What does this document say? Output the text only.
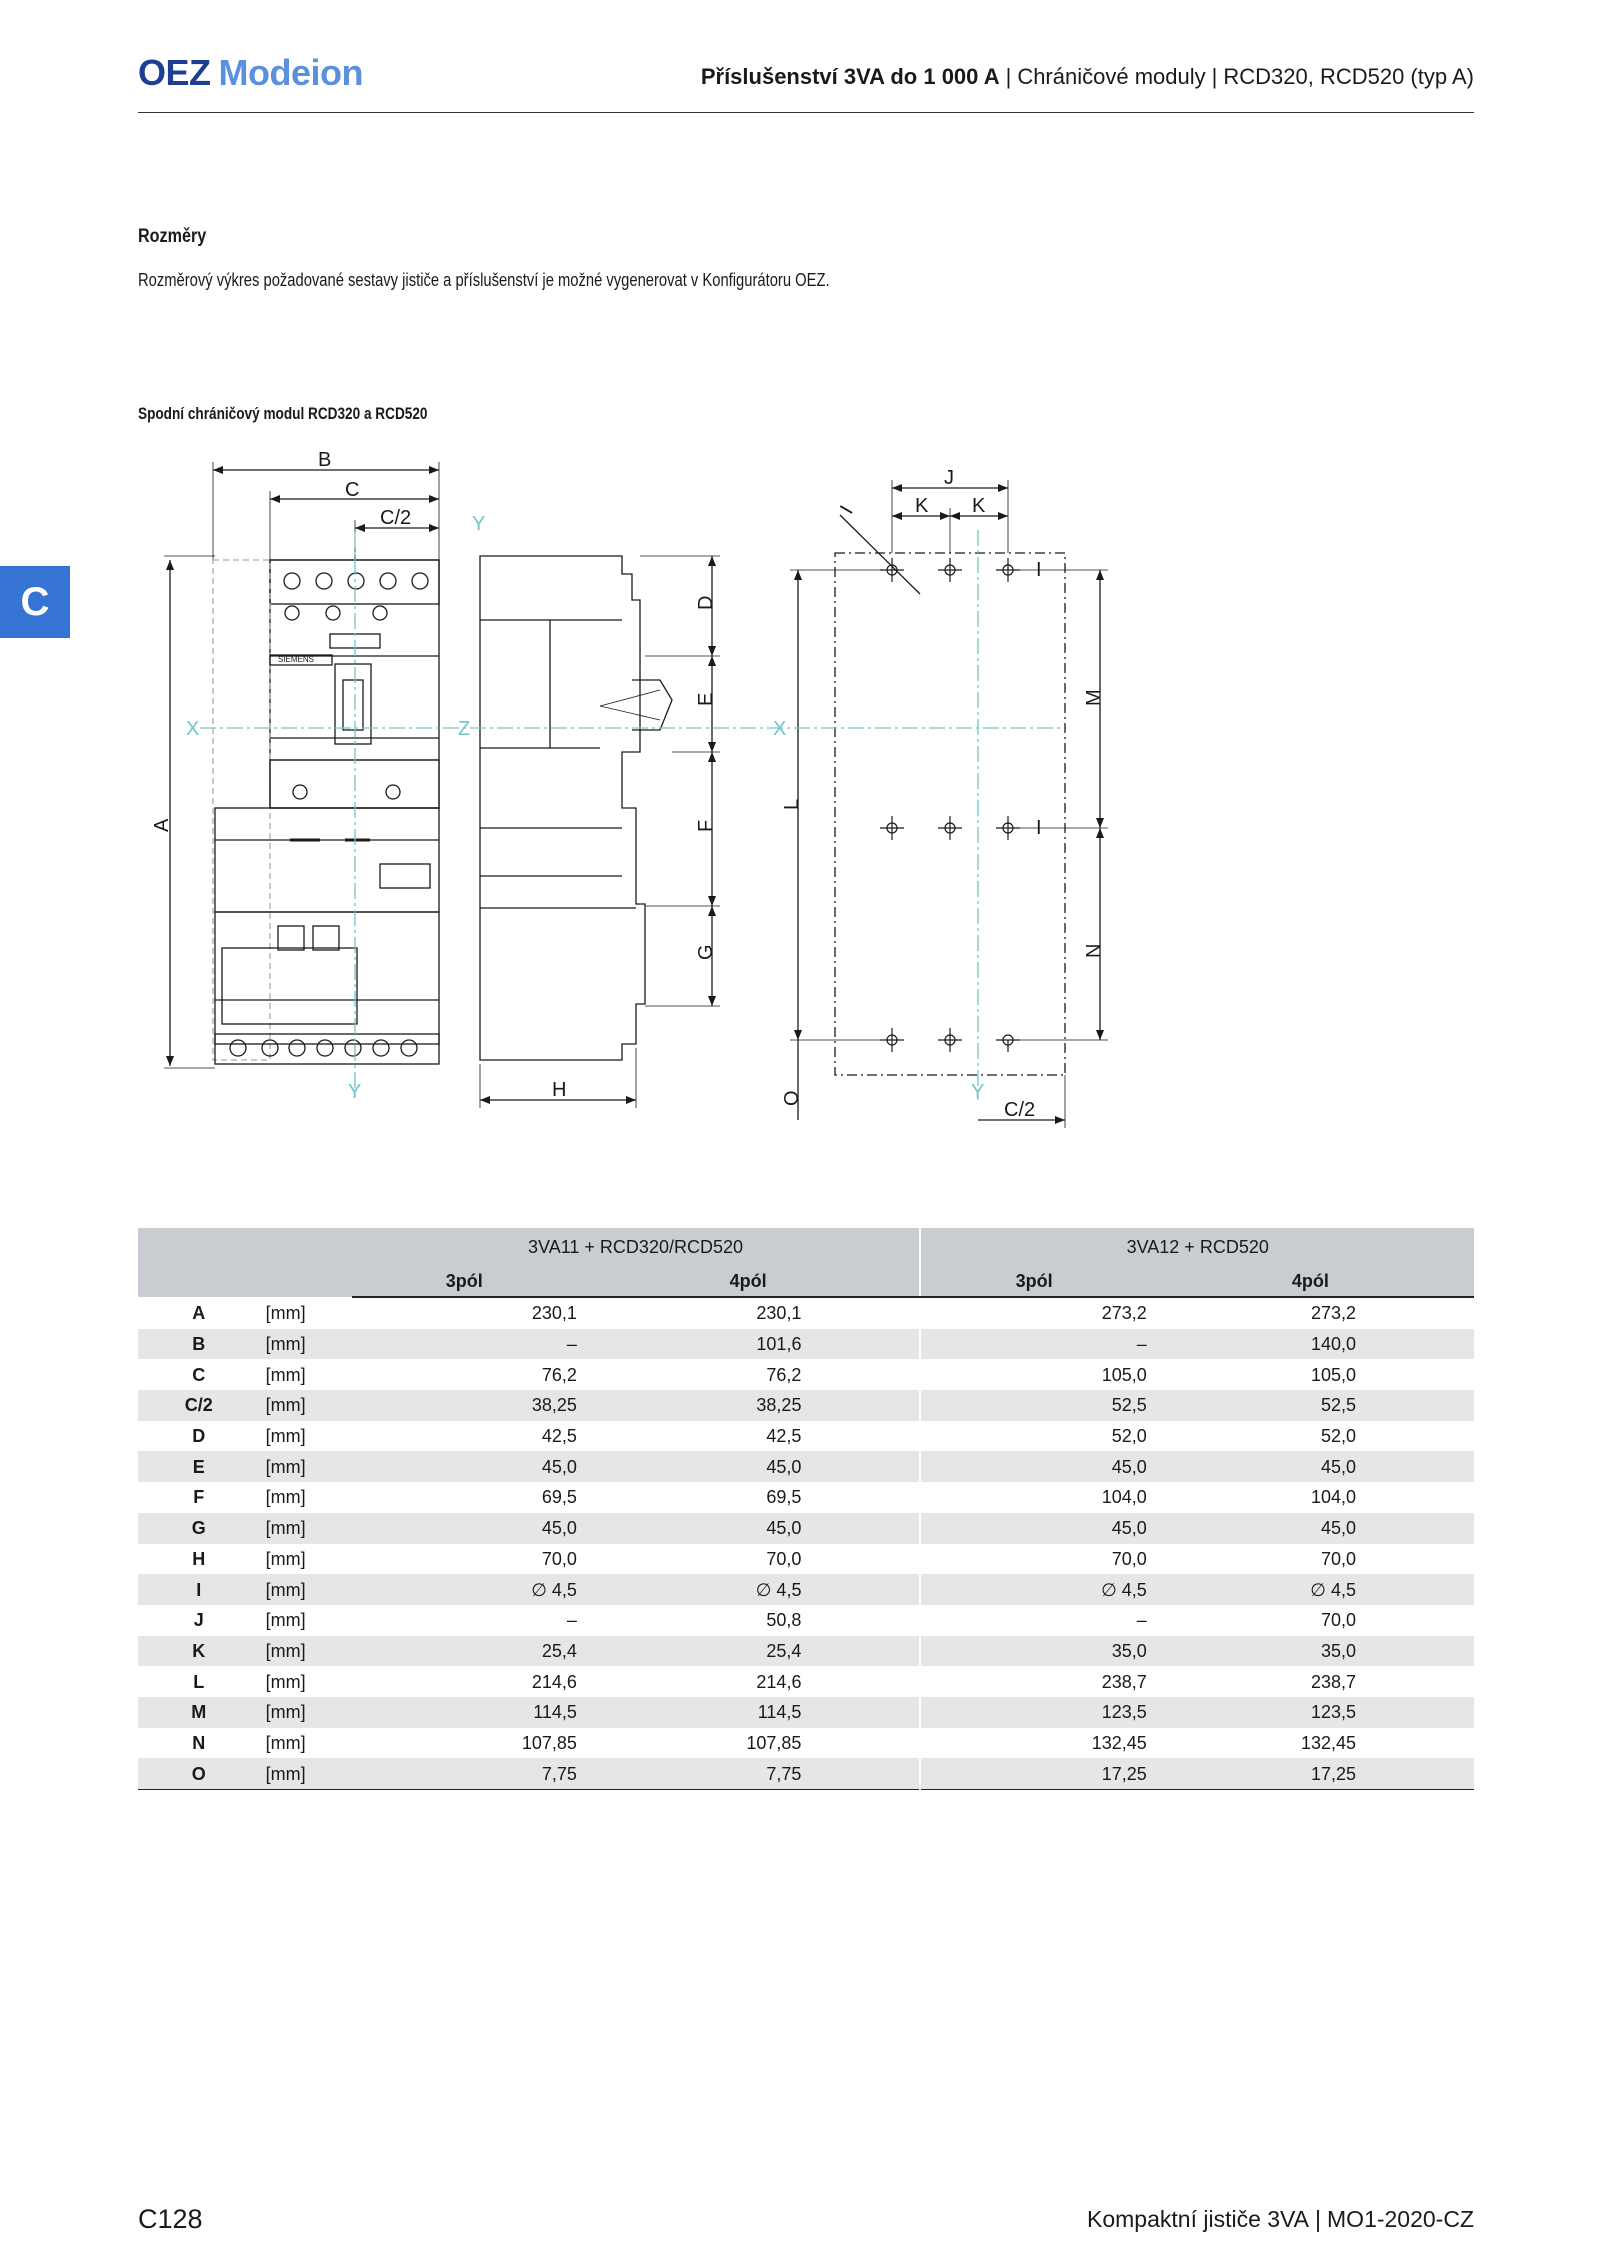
OEZ Modeion	Příslušenství 3VA do 1 000 A | Chráničové moduly | RCD320, RCD520 (typ A)
C
Rozměry
Rozměrový výkres požadované sestavy jističe a příslušenství je možné vygenerovat v Konfigurátoru OEZ.
Spodní chráničový modul RCD320 a RCD520
B
C
C/2
A
D
E
F
G
H
I
J
K K
L
M
N
O
C/2
I
I
SIEMENS
X	Z	X
Y
Y	Y
		3VA11 + RCD320/RCD520		3VA12 + RCD520	
		3pól	4pól	3pól	4pól
A	[mm]	230,1	230,1	273,2	273,2
B	[mm]	–	101,6	–	140,0
C	[mm]	76,2	76,2	105,0	105,0
C/2	[mm]	38,25	38,25	52,5	52,5
D	[mm]	42,5	42,5	52,0	52,0
E	[mm]	45,0	45,0	45,0	45,0
F	[mm]	69,5	69,5	104,0	104,0
G	[mm]	45,0	45,0	45,0	45,0
H	[mm]	70,0	70,0	70,0	70,0
I	[mm]	∅ 4,5	∅ 4,5	∅ 4,5	∅ 4,5
J	[mm]	–	50,8	–	70,0
K	[mm]	25,4	25,4	35,0	35,0
L	[mm]	214,6	214,6	238,7	238,7
M	[mm]	114,5	114,5	123,5	123,5
N	[mm]	107,85	107,85	132,45	132,45
O	[mm]	7,75	7,75	17,25	17,25
C128	Kompaktní jističe 3VA | MO1-2020-CZ
